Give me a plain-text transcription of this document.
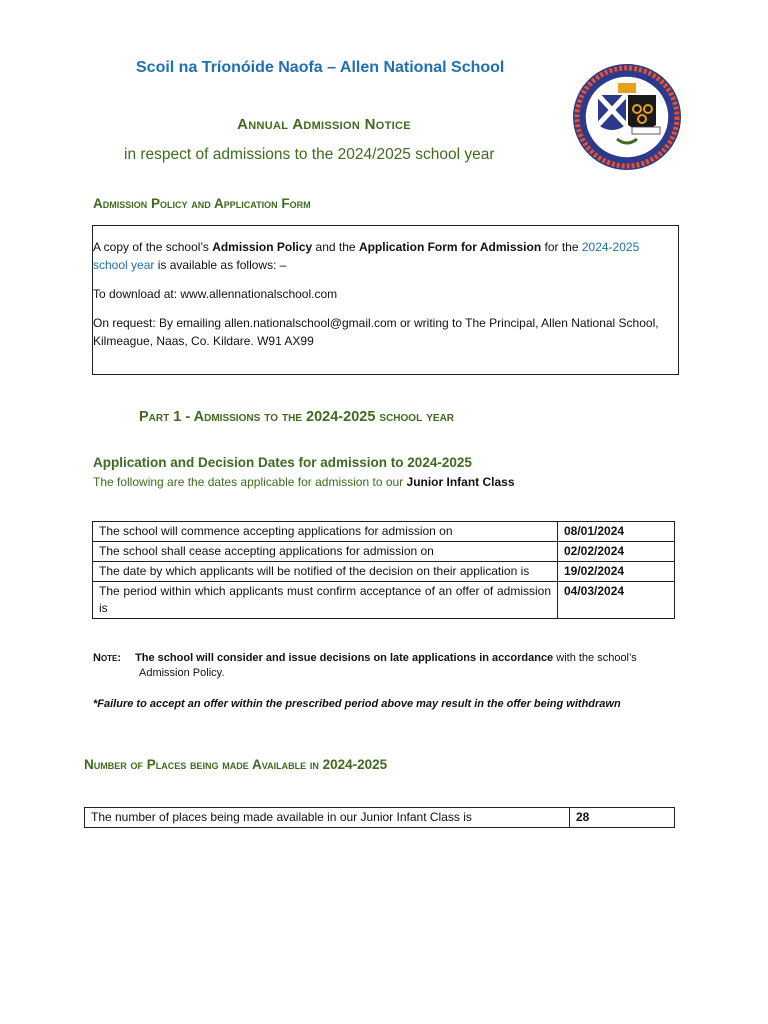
Scoil na Tríonóide Naofa – Allen National School
Annual Admission Notice
in respect of admissions to the 2024/2025 school year
Admission Policy and Application Form

A copy of the school’s Admission Policy and the Application Form for Admission for the 2024-2025 school year is available as follows: –

To download at: www.allennationalschool.com

On request: By emailing allen.nationalschool@gmail.com or writing to The Principal, Allen National School, Kilmeague, Naas, Co. Kildare. W91 AX99

Part 1 - Admissions to the 2024-2025 school year
Application and Decision Dates for admission to 2024-2025
The following are the dates applicable for admission to our Junior Infant Class
The school will commence accepting applications for admission on	08/01/2024
The school shall cease accepting applications for admission on	02/02/2024
The date by which applicants will be notified of the decision on their application is	19/02/2024
The period within which applicants must confirm acceptance of an offer of admission is	04/03/2024
Note: The school will consider and issue decisions on late applications in accordance with the school’s
Admission Policy.
*Failure to accept an offer within the prescribed period above may result in the offer being withdrawn
Number of Places being made Available in 2024-2025
The number of places being made available in our Junior Infant Class is	28
